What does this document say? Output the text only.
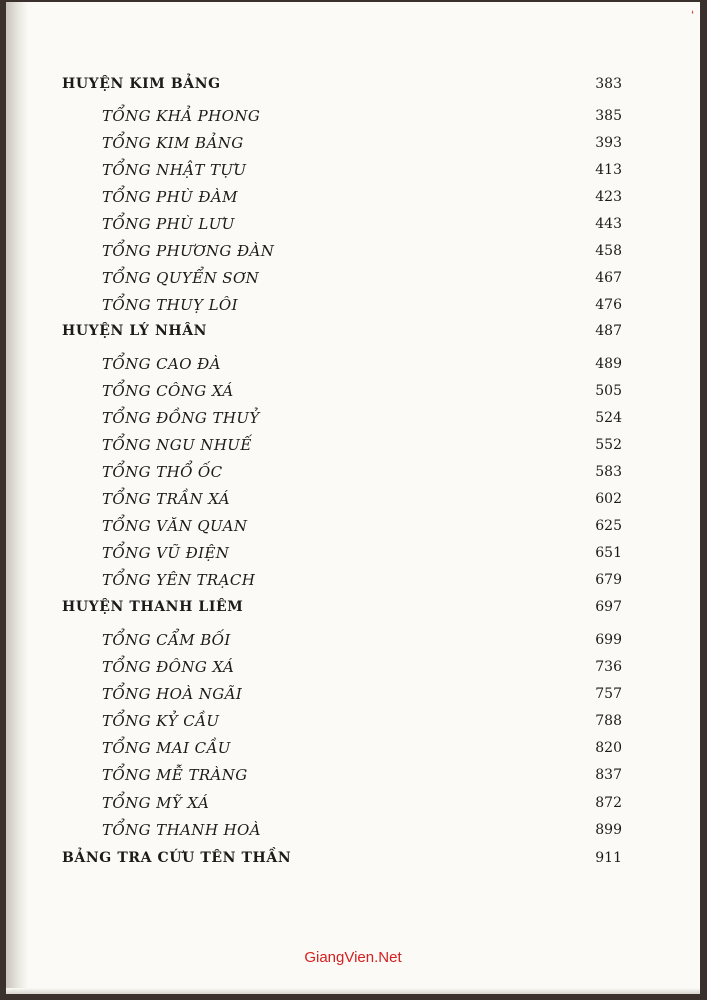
ʻ
HUYỆN KIM BẢNG	383
TỔNG KHẢ PHONG	385
TỔNG KIM BẢNG	393
TỔNG NHẬT TỰU	413
TỔNG PHÙ ĐÀM	423
TỔNG PHÙ LƯU	443
TỔNG PHƯƠNG ĐÀN	458
TỔNG QUYỂN SƠN	467
TỔNG THUỴ LÔI	476
HUYỆN LÝ NHÂN	487
TỔNG CAO ĐÀ	489
TỔNG CÔNG XÁ	505
TỔNG ĐỒNG THUỶ	524
TỔNG NGU NHUẾ	552
TỔNG THỔ ỐC	583
TỔNG TRẦN XÁ	602
TỔNG VĂN QUAN	625
TỔNG VŨ ĐIỆN	651
TỔNG YÊN TRẠCH	679
HUYỆN THANH LIÊM	697
TỔNG CẨM BỐI	699
TỔNG ĐÔNG XÁ	736
TỔNG HOÀ NGÃI	757
TỔNG KỶ CẦU	788
TỔNG MAI CẦU	820
TỔNG MỄ TRÀNG	837
TỔNG MỸ XÁ	872
TỔNG THANH HOÀ	899
BẢNG TRA CỨU TÊN THẦN	911
GiangVien.Net
